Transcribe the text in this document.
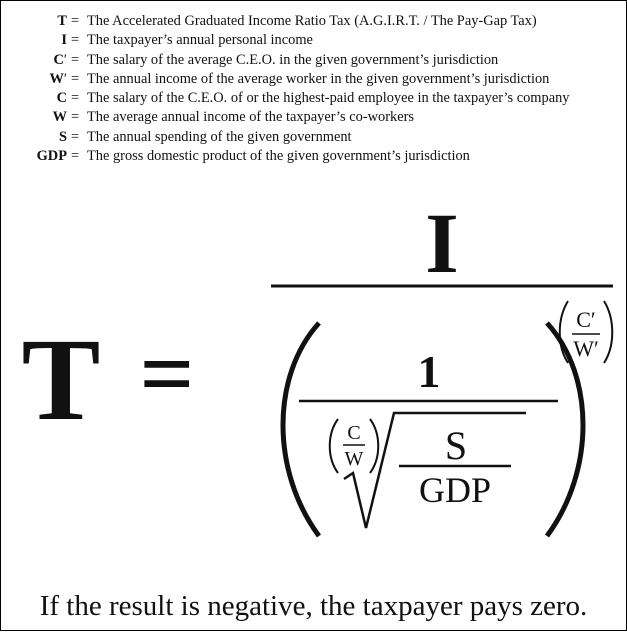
T = The Accelerated Graduated Income Ratio Tax (A.G.I.R.T. / The Pay-Gap Tax)
I = The taxpayer’s annual personal income
C′ = The salary of the average C.E.O. in the given government’s jurisdiction
W′ = The annual income of the average worker in the given government’s jurisdiction
C = The salary of the C.E.O. of or the highest-paid employee in the taxpayer’s company
W = The average annual income of the taxpayer’s co-workers
S = The annual spending of the given government
GDP = The gross domestic product of the given government’s jurisdiction
T =
I
1
C
W S
GDP
C′
W′
If the result is negative, the taxpayer pays zero.
